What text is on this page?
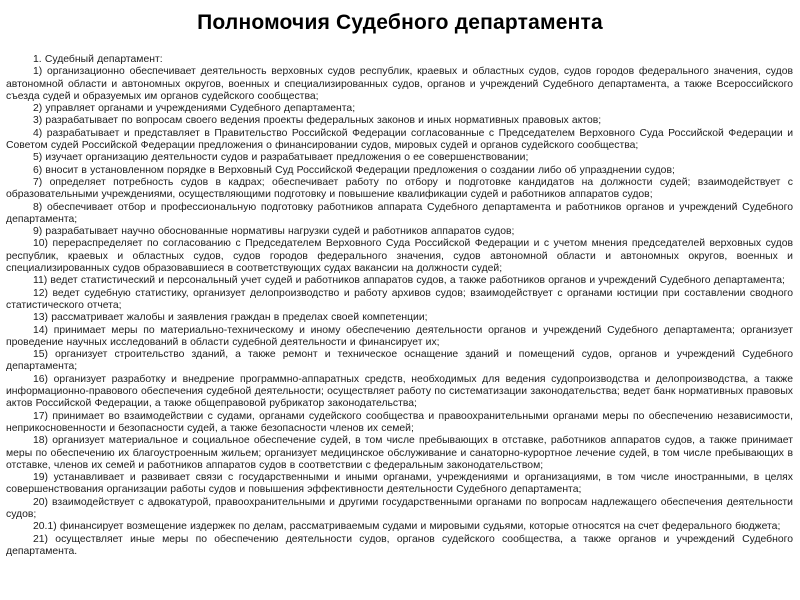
Полномочия Судебного департамента

1. Судебный департамент:

1) организационно обеспечивает деятельность верховных судов республик, краевых и областных судов, судов городов федерального значения, судов автономной области и автономных округов, военных и специализированных судов, органов и учреждений Судебного департамента, а также Всероссийского съезда судей и образуемых им органов судейского сообщества;

2) управляет органами и учреждениями Судебного департамента;

3) разрабатывает по вопросам своего ведения проекты федеральных законов и иных нормативных правовых актов;

4) разрабатывает и представляет в Правительство Российской Федерации согласованные с Председателем Верховного Суда Российской Федерации и Советом судей Российской Федерации предложения о финансировании судов, мировых судей и органов судейского сообщества;

5) изучает организацию деятельности судов и разрабатывает предложения о ее совершенствовании;

6) вносит в установленном порядке в Верховный Суд Российской Федерации предложения о создании либо об упразднении судов;

7) определяет потребность судов в кадрах; обеспечивает работу по отбору и подготовке кандидатов на должности судей; взаимодействует с образовательными учреждениями, осуществляющими подготовку и повышение квалификации судей и работников аппаратов судов;

8) обеспечивает отбор и профессиональную подготовку работников аппарата Судебного департамента и работников органов и учреждений Судебного департамента;

9) разрабатывает научно обоснованные нормативы нагрузки судей и работников аппаратов судов;

10) перераспределяет по согласованию с Председателем Верховного Суда Российской Федерации и с учетом мнения председателей верховных судов республик, краевых и областных судов, судов городов федерального значения, судов автономной области и автономных округов, военных и специализированных судов образовавшиеся в соответствующих судах вакансии на должности судей;

11) ведет статистический и персональный учет судей и работников аппаратов судов, а также работников органов и учреждений Судебного департамента;

12) ведет судебную статистику, организует делопроизводство и работу архивов судов; взаимодействует с органами юстиции при составлении сводного статистического отчета;

13) рассматривает жалобы и заявления граждан в пределах своей компетенции;

14) принимает меры по материально-техническому и иному обеспечению деятельности органов и учреждений Судебного департамента; организует проведение научных исследований в области судебной деятельности и финансирует их;

15) организует строительство зданий, а также ремонт и техническое оснащение зданий и помещений судов, органов и учреждений Судебного департамента;

16) организует разработку и внедрение программно-аппаратных средств, необходимых для ведения судопроизводства и делопроизводства, а также информационно-правового обеспечения судебной деятельности; осуществляет работу по систематизации законодательства; ведет банк нормативных правовых актов Российской Федерации, а также общеправовой рубрикатор законодательства;

17) принимает во взаимодействии с судами, органами судейского сообщества и правоохранительными органами меры по обеспечению независимости, неприкосновенности и безопасности судей, а также безопасности членов их семей;

18) организует материальное и социальное обеспечение судей, в том числе пребывающих в отставке, работников аппаратов судов, а также принимает меры по обеспечению их благоустроенным жильем; организует медицинское обслуживание и санаторно-курортное лечение судей, в том числе пребывающих в отставке, членов их семей и работников аппаратов судов в соответствии с федеральным законодательством;

19) устанавливает и развивает связи с государственными и иными органами, учреждениями и организациями, в том числе иностранными, в целях совершенствования организации работы судов и повышения эффективности деятельности Судебного департамента;

20) взаимодействует с адвокатурой, правоохранительными и другими государственными органами по вопросам надлежащего обеспечения деятельности судов;

20.1) финансирует возмещение издержек по делам, рассматриваемым судами и мировыми судьями, которые относятся на счет федерального бюджета;

21) осуществляет иные меры по обеспечению деятельности судов, органов судейского сообщества, а также органов и учреждений Судебного департамента.
